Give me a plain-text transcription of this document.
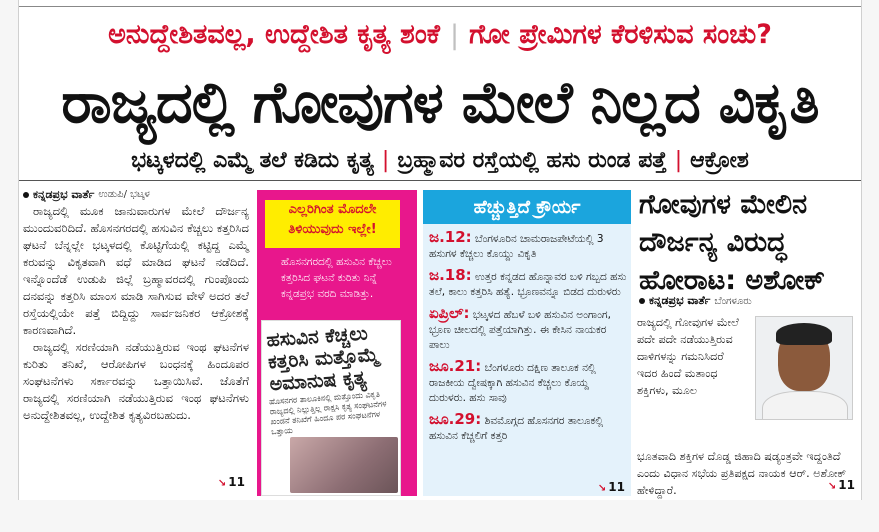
ಅನುದ್ದೇಶಿತವಲ್ಲ, ಉದ್ದೇಶಿತ ಕೃತ್ಯ ಶಂಕೆ | ಗೋ ಪ್ರೇಮಿಗಳ ಕೆರಳಿಸುವ ಸಂಚು?
ರಾಜ್ಯದಲ್ಲಿ ಗೋವುಗಳ ಮೇಲೆ ನಿಲ್ಲದ ವಿಕೃತಿ
ಭಟ್ಕಳದಲ್ಲಿ ಎಮ್ಮೆ ತಲೆ ಕಡಿದು ಕೃತ್ಯ | ಬ್ರಹ್ಮಾವರ ರಸ್ತೆಯಲ್ಲಿ ಹಸು ರುಂಡ ಪತ್ತೆ | ಆಕ್ರೋಶ
ಕನ್ನಡಪ್ರಭ ವಾರ್ತೆ ಉಡುಪಿ/ ಭಟ್ಕಳ

ರಾಜ್ಯದಲ್ಲಿ ಮೂಕ ಜಾನುವಾರುಗಳ ಮೇಲೆ ದೌರ್ಜನ್ಯ ಮುಂದುವರಿದಿದೆ. ಹೊಸನಗರದಲ್ಲಿ ಹಸುವಿನ ಕೆಚ್ಚಲು ಕತ್ತರಿಸಿದ ಘಟನೆ ಬೆನ್ನಲ್ಲೇ ಭಟ್ಕಳದಲ್ಲಿ ಕೊಟ್ಟಿಗೆಯಲ್ಲಿ ಕಟ್ಟಿದ್ದ ಎಮ್ಮೆ ಕರುವನ್ನು ವಿಕೃತವಾಗಿ ವಧೆ ಮಾಡಿದ ಘಟನೆ ನಡೆದಿದೆ. ಇನ್ನೊಂದೆಡೆ ಉಡುಪಿ ಜಿಲ್ಲೆ ಬ್ರಹ್ಮಾವರದಲ್ಲಿ ಗುಂಪೊಂದು ದನವನ್ನು ಕತ್ತರಿಸಿ ಮಾಂಸ ಮಾಡಿ ಸಾಗಿಸುವ ವೇಳೆ ಅದರ ತಲೆ ರಸ್ತೆಯಲ್ಲಿಯೇ ಪತ್ತೆ ಬಿದ್ದಿದ್ದು ಸಾರ್ವಜನಿಕರ ಆಕ್ರೋಶಕ್ಕೆ ಕಾರಣವಾಗಿದೆ.

ರಾಜ್ಯದಲ್ಲಿ ಸರಣಿಯಾಗಿ ನಡೆಯುತ್ತಿರುವ ಇಂಥ ಘಟನೆಗಳ ಕುರಿತು ತನಿಖೆ, ಆರೋಪಿಗಳ ಬಂಧನಕ್ಕೆ ಹಿಂದೂಪರ ಸಂಘಟನೆಗಳು ಸರ್ಕಾರವನ್ನು ಒತ್ತಾಯಿಸಿವೆ. ಜೊತೆಗೆ ರಾಜ್ಯದಲ್ಲಿ ಸರಣಿಯಾಗಿ ನಡೆಯುತ್ತಿರುವ ಇಂಥ ಘಟನೆಗಳು ಅನುದ್ದೇಶಿತವಲ್ಲ, ಉದ್ದೇಶಿತ ಕೃತ್ಯವಿರಬಹುದು.

↘ 11
ಎಲ್ಲರಿಗಿಂತ ಮೊದಲೇ
ತಿಳಿಯುವುದು ಇಲ್ಲೇ!
ಹೊಸನಗರದಲ್ಲಿ ಹಸುವಿನ ಕೆಚ್ಚಲು ಕತ್ತರಿಸಿದ ಘಟನೆ ಕುರಿತು ನಿನ್ನೆ ಕನ್ನಡಪ್ರಭ ವರದಿ ಮಾಡಿತ್ತು.
ಹಸುವಿನ ಕೆಚ್ಚಲು ಕತ್ತರಿಸಿ ಮತ್ತೊಮ್ಮೆ ಅಮಾನುಷ ಕೃತ್ಯ
ಹೊಸನಗರ ತಾಲೂಕಿನಲ್ಲಿ ಮತ್ತೊಂದು ವಿಕೃತಿ ರಾಜ್ಯದಲ್ಲಿ ನಿಲ್ಲುತ್ತಿಲ್ಲ ರಾಕ್ಷಸಿ ಕೃತ್ಯ ಸಂಘಟನೆಗಳ ಖಂಡನೆ ತನಿಖೆಗೆ ಹಿಂದೂ ಪರ ಸಂಘಟನೆಗಳ ಒತ್ತಾಯ
ಹೆಚ್ಚುತ್ತಿದೆ ಕ್ರೌರ್ಯ
ಜ.12: ಬೆಂಗಳೂರಿನ ಚಾಮರಾಜಪೇಟೆಯಲ್ಲಿ 3 ಹಸುಗಳ ಕೆಚ್ಚಲು ಕೊಯ್ದು ವಿಕೃತಿ
ಜ.18: ಉತ್ತರ ಕನ್ನಡದ ಹೊನ್ನಾವರ ಬಳಿ ಗಬ್ಬದ ಹಸು ತಲೆ, ಕಾಲು ಕತ್ತರಿಸಿ ಹತ್ಯೆ. ಭ್ರೂಣವನ್ನೂ ಬಿಡದ ದುರುಳರು
ಏಪ್ರಿಲ್: ಭಟ್ಕಳದ ಹೆಬಳೆ ಬಳಿ ಹಸುವಿನ ಅಂಗಾಂಗ, ಭ್ರೂಣ ಚೀಲದಲ್ಲಿ ಪತ್ತೆಯಾಗಿತ್ತು. ಈ ಕೇಸಿನ ನಾಯಕರ ಪಾಲು
ಜೂ.21: ಬೆಂಗಳೂರು ದಕ್ಷಿಣ ತಾಲೂಕ ನಲ್ಲಿ ರಾಜಕೀಯ ದ್ವೇಷಕ್ಕಾಗಿ ಹಸುವಿನ ಕೆಚ್ಚಲು ಕೊಯ್ದ ದುರುಳರು. ಹಸು ಸಾವು
ಜೂ.29: ಶಿವಮೊಗ್ಗದ ಹೊಸನಗರ ತಾಲೂಕಲ್ಲಿ ಹಸುವಿನ ಕೆಚ್ಚಲಿಗೆ ಕತ್ತರಿ
↘ 11
ಗೋವುಗಳ ಮೇಲಿನ
ದೌರ್ಜನ್ಯ ವಿರುದ್ಧ
ಹೋರಾಟ: ಅಶೋಕ್
ಕನ್ನಡಪ್ರಭ ವಾರ್ತೆ ಬೆಂಗಳೂರು
ರಾಜ್ಯದಲ್ಲಿ ಗೋವುಗಳ ಮೇಲೆ ಪದೇ ಪದೇ ನಡೆಯುತ್ತಿರುವ ದಾಳಿಗಳನ್ನು ಗಮನಿಸಿದರೆ ಇದರ ಹಿಂದೆ ಮತಾಂಧ ಶಕ್ತಿಗಳು, ಮೂಲ
ಭೂತವಾದಿ ಶಕ್ತಿಗಳ ದೊಡ್ಡ ಜಿಹಾದಿ ಷಡ್ಯಂತ್ರವೇ ಇದ್ದಂತಿದೆ ಎಂದು ವಿಧಾನ ಸಭೆಯ ಪ್ರತಿಪಕ್ಷದ ನಾಯಕ ಆರ್. ಅಶೋಕ್ ಹೇಳಿದ್ದಾರೆ.	↘ 11
